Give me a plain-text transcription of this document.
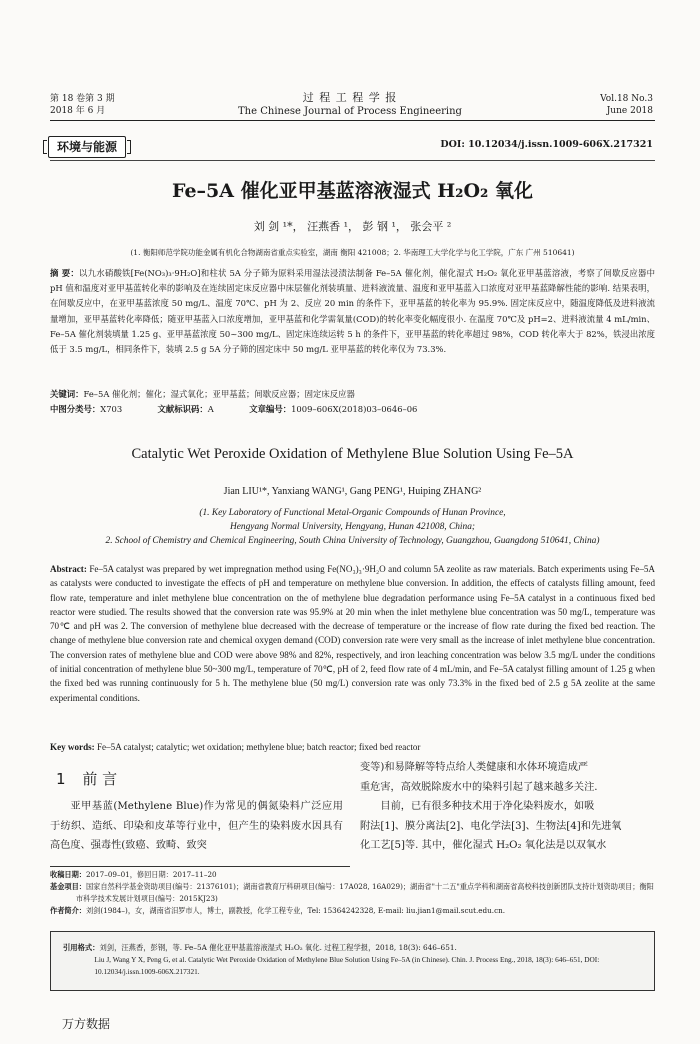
第 18 卷第 3 期
2018 年 6 月
过 程 工 程 学 报
The Chinese Journal of Process Engineering
Vol.18 No.3
June 2018
环境与能源	DOI: 10.12034/j.issn.1009-606X.217321
Fe–5A 催化亚甲基蓝溶液湿式 H₂O₂ 氧化
刘 剑 ¹*， 汪燕香 ¹， 彭 钢 ¹， 张会平 ²
(1. 衡阳师范学院功能金属有机化合物湖南省重点实验室，湖南 衡阳 421008；2. 华南理工大学化学与化工学院，广东 广州 510641)
摘 要：以九水硝酸铁[Fe(NO₃)₃·9H₂O]和柱状 5A 分子筛为原料采用湿法浸渍法制备 Fe–5A 催化剂，催化湿式 H₂O₂ 氧化亚甲基蓝溶液，考察了间歇反应器中 pH 值和温度对亚甲基蓝转化率的影响及在连续固定床反应器中床层催化剂装填量、进料液流量、温度和亚甲基蓝入口浓度对亚甲基蓝降解性能的影响. 结果表明，在间歇反应中，在亚甲基蓝浓度 50 mg/L、温度 70℃、pH 为 2、反应 20 min 的条件下，亚甲基蓝的转化率为 95.9%. 固定床反应中，随温度降低及进料液流量增加，亚甲基蓝转化率降低；随亚甲基蓝入口浓度增加，亚甲基蓝和化学需氧量(COD)的转化率变化幅度很小. 在温度 70℃及 pH=2、进料液流量 4 mL/min、Fe–5A 催化剂装填量 1.25 g、亚甲基蓝浓度 50~300 mg/L、固定床连续运转 5 h 的条件下，亚甲基蓝的转化率超过 98%，COD 转化率大于 82%，铁浸出浓度低于 3.5 mg/L，相同条件下，装填 2.5 g 5A 分子筛的固定床中 50 mg/L 亚甲基蓝的转化率仅为 73.3%.
关键词：Fe–5A 催化剂；催化；湿式氧化；亚甲基蓝；间歇反应器；固定床反应器
中图分类号：X703	文献标识码：A	文章编号：1009–606X(2018)03–0646–06
Catalytic Wet Peroxide Oxidation of Methylene Blue Solution Using Fe–5A
Jian LIU¹*, Yanxiang WANG¹, Gang PENG¹, Huiping ZHANG²
(1. Key Laboratory of Functional Metal-Organic Compounds of Hunan Province,
Hengyang Normal University, Hengyang, Hunan 421008, China;
2. School of Chemistry and Chemical Engineering, South China University of Technology, Guangzhou, Guangdong 510641, China)
Abstract: Fe–5A catalyst was prepared by wet impregnation method using Fe(NO₃)₃·9H₂O and column 5A zeolite as raw materials. Batch experiments using Fe–5A as catalysts were conducted to investigate the effects of pH and temperature on methylene blue conversion. In addition, the effects of catalysts filling amount, feed flow rate, temperature and inlet methylene blue concentration on the of methylene blue degradation performance using Fe–5A catalyst in a continuous fixed bed reactor were studied. The results showed that the conversion rate was 95.9% at 20 min when the inlet methylene blue concentration was 50 mg/L, temperature was 70℃ and pH was 2. The conversion of methylene blue decreased with the decrease of temperature or the increase of flow rate during the fixed bed reaction. The change of methylene blue conversion rate and chemical oxygen demand (COD) conversion rate were very small as the increase of inlet methylene blue concentration. The conversion rates of methylene blue and COD were above 98% and 82%, respectively, and iron leaching concentration was below 3.5 mg/L under the conditions of initial concentration of methylene blue 50~300 mg/L, temperature of 70℃, pH of 2, feed flow rate of 4 mL/min, and Fe–5A catalyst filling amount of 1.25 g when the fixed bed was running continuously for 5 h. The methylene blue (50 mg/L) conversion rate was only 73.3% in the fixed bed of 2.5 g 5A zeolite at the same experimental conditions.
Key words: Fe–5A catalyst; catalytic; wet oxidation; methylene blue; batch reactor; fixed bed reactor
1 前 言
亚甲基蓝(Methylene Blue)作为常见的偶氮染料广泛应用于纺织、造纸、印染和皮革等行业中，但产生的染料废水因具有高色度、强毒性(致癌、致畸、致突
变等)和易降解等特点给人类健康和水体环境造成严
重危害，高效脱除废水中的染料引起了越来越多关注.
目前，已有很多种技术用于净化染料废水，如吸
附法[1]、膜分离法[2]、电化学法[3]、生物法[4]和先进氧
化工艺[5]等. 其中，催化湿式 H₂O₂ 氧化法是以双氧水
收稿日期：2017–09–01，修回日期：2017–11–20
基金项目：国家自然科学基金资助项目(编号：21376101)；湖南省教育厅科研项目(编号：17A028, 16A029)；湖南省"十二五"重点学科和湖南省高校科技创新团队支持计划资助项目；衡阳市科学技术发展计划项目(编号：2015KJ23)
作者简介：刘剑(1984–)，女，湖南省汨罗市人，博士，副教授，化学工程专业，Tel: 15364242328, E-mail: liu.jian1@mail.scut.edu.cn.
引用格式：刘剑，汪燕香，彭钢，等. Fe–5A 催化亚甲基蓝溶液湿式 H₂O₂ 氧化. 过程工程学报，2018, 18(3): 646–651.
Liu J, Wang Y X, Peng G, et al. Catalytic Wet Peroxide Oxidation of Methylene Blue Solution Using Fe–5A (in Chinese). Chin. J. Process Eng., 2018, 18(3): 646–651, DOI: 10.12034/j.issn.1009-606X.217321.
万方数据
